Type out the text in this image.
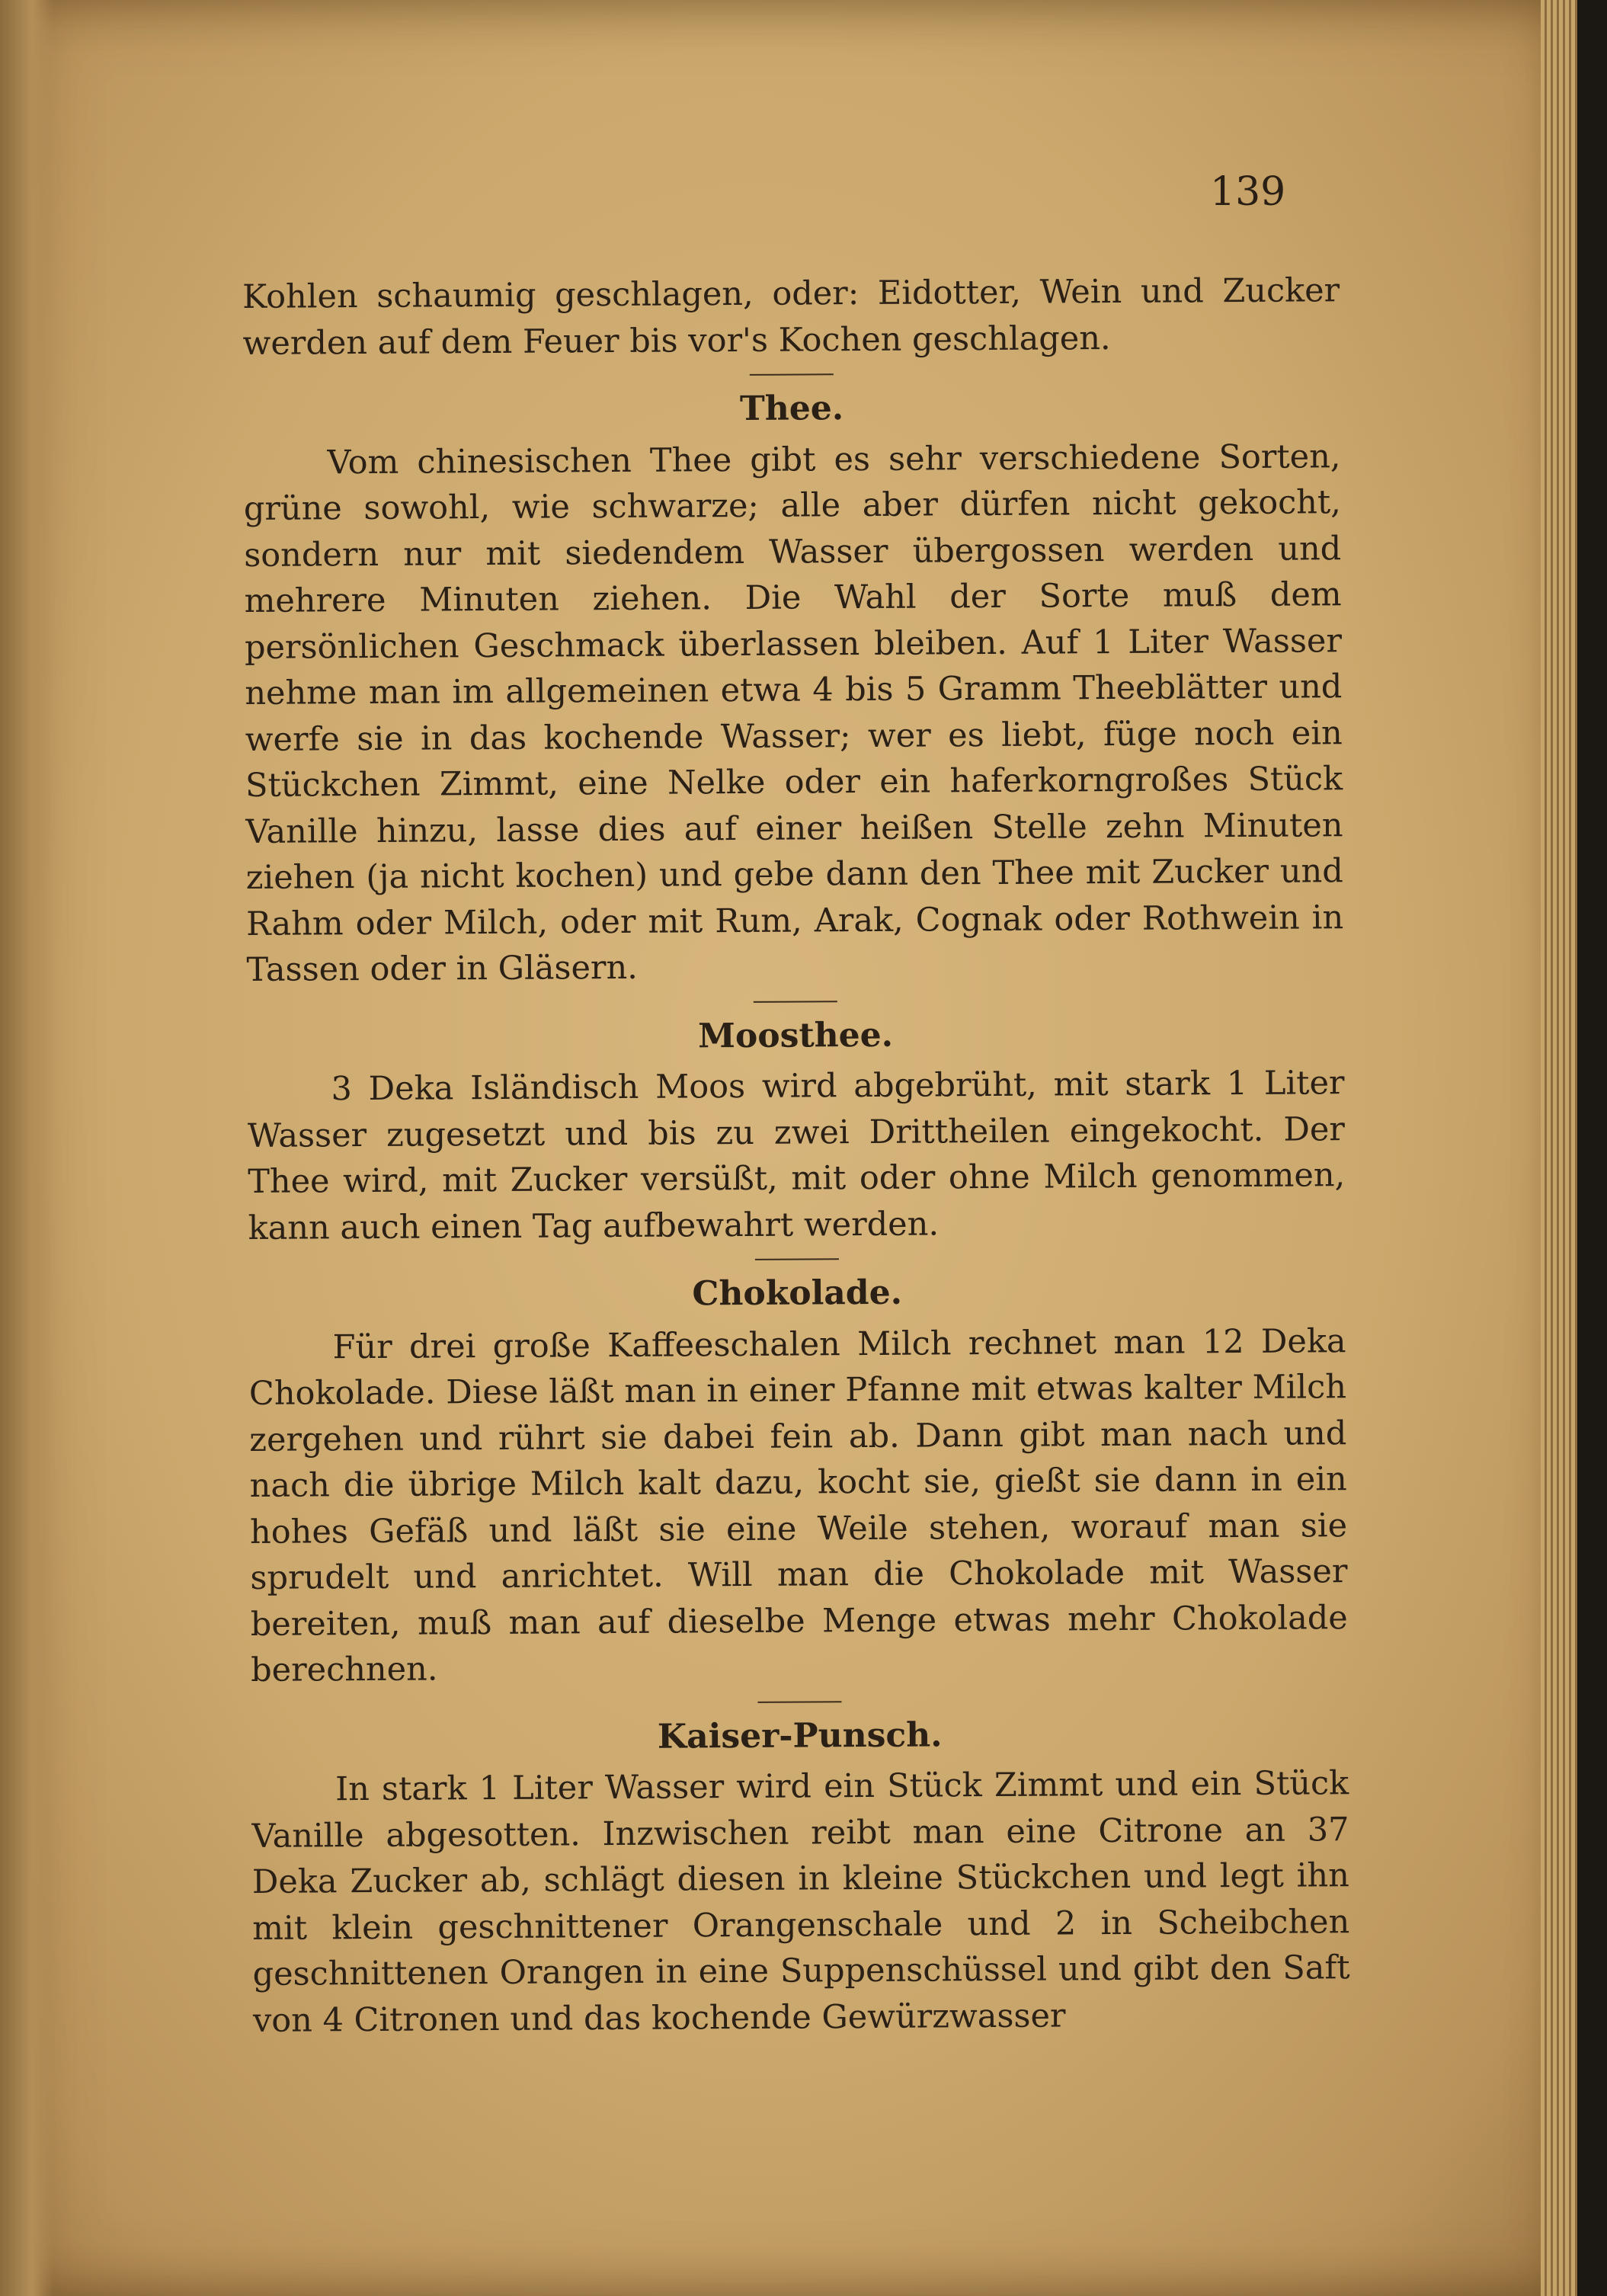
139

Kohlen schaumig geschlagen, oder: Eidotter, Wein und Zucker werden auf dem Feuer bis vor's Kochen geschlagen.

Thee.

Vom chinesischen Thee gibt es sehr verschiedene Sorten, grüne sowohl, wie schwarze; alle aber dürfen nicht gekocht, sondern nur mit siedendem Wasser übergossen werden und mehrere Minuten ziehen. Die Wahl der Sorte muß dem persönlichen Geschmack überlassen bleiben. Auf 1 Liter Wasser nehme man im allgemeinen etwa 4 bis 5 Gramm Theeblätter und werfe sie in das kochende Wasser; wer es liebt, füge noch ein Stückchen Zimmt, eine Nelke oder ein haferkorngroßes Stück Vanille hinzu, lasse dies auf einer heißen Stelle zehn Minuten ziehen (ja nicht kochen) und gebe dann den Thee mit Zucker und Rahm oder Milch, oder mit Rum, Arak, Cognak oder Rothwein in Tassen oder in Gläsern.

Moosthee.

3 Deka Isländisch Moos wird abgebrüht, mit stark 1 Liter Wasser zugesetzt und bis zu zwei Drittheilen eingekocht. Der Thee wird, mit Zucker versüßt, mit oder ohne Milch genommen, kann auch einen Tag aufbewahrt werden.

Chokolade.

Für drei große Kaffeeschalen Milch rechnet man 12 Deka Chokolade. Diese läßt man in einer Pfanne mit etwas kalter Milch zergehen und rührt sie dabei fein ab. Dann gibt man nach und nach die übrige Milch kalt dazu, kocht sie, gießt sie dann in ein hohes Gefäß und läßt sie eine Weile stehen, worauf man sie sprudelt und anrichtet. Will man die Chokolade mit Wasser bereiten, muß man auf dieselbe Menge etwas mehr Chokolade berechnen.

Kaiser-Punsch.

In stark 1 Liter Wasser wird ein Stück Zimmt und ein Stück Vanille abgesotten. Inzwischen reibt man eine Citrone an 37 Deka Zucker ab, schlägt diesen in kleine Stückchen und legt ihn mit klein geschnittener Orangenschale und 2 in Scheibchen geschnittenen Orangen in eine Suppenschüssel und gibt den Saft von 4 Citronen und das kochende Gewürzwasser
